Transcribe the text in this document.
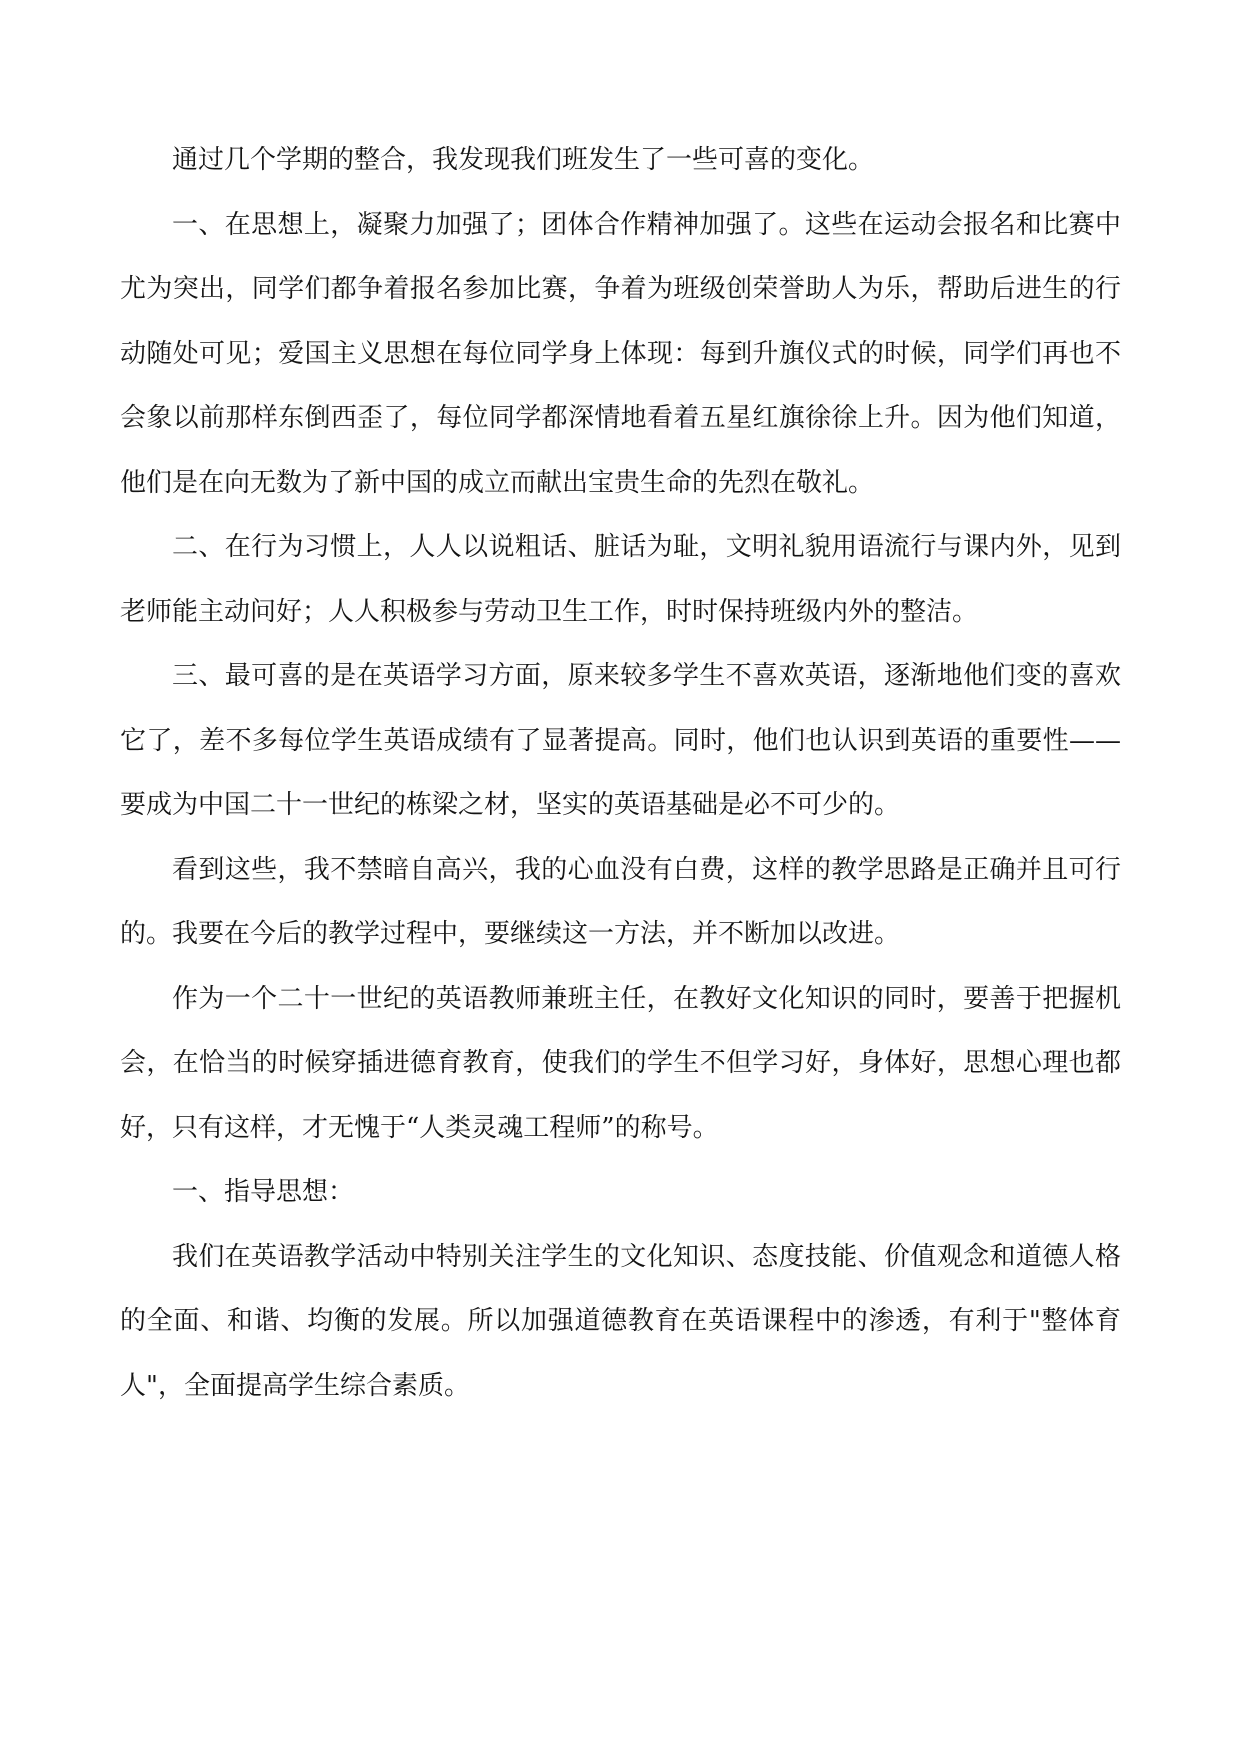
通过几个学期的整合，我发现我们班发生了一些可喜的变化。

一、在思想上，凝聚力加强了；团体合作精神加强了。这些在运动会报名和比赛中尤为突出，同学们都争着报名参加比赛，争着为班级创荣誉助人为乐，帮助后进生的行动随处可见；爱国主义思想在每位同学身上体现：每到升旗仪式的时候，同学们再也不会象以前那样东倒西歪了，每位同学都深情地看着五星红旗徐徐上升。因为他们知道，他们是在向无数为了新中国的成立而献出宝贵生命的先烈在敬礼。

二、在行为习惯上，人人以说粗话、脏话为耻，文明礼貌用语流行与课内外，见到老师能主动问好；人人积极参与劳动卫生工作，时时保持班级内外的整洁。

三、最可喜的是在英语学习方面，原来较多学生不喜欢英语，逐渐地他们变的喜欢它了，差不多每位学生英语成绩有了显著提高。同时，他们也认识到英语的重要性——要成为中国二十一世纪的栋梁之材，坚实的英语基础是必不可少的。

看到这些，我不禁暗自高兴，我的心血没有白费，这样的教学思路是正确并且可行的。我要在今后的教学过程中，要继续这一方法，并不断加以改进。

作为一个二十一世纪的英语教师兼班主任，在教好文化知识的同时，要善于把握机会，在恰当的时候穿插进德育教育，使我们的学生不但学习好，身体好，思想心理也都好，只有这样，才无愧于“人类灵魂工程师”的称号。

一、指导思想：

我们在英语教学活动中特别关注学生的文化知识、态度技能、价值观念和道德人格的全面、和谐、均衡的发展。所以加强道德教育在英语课程中的渗透，有利于"整体育人"，全面提高学生综合素质。
